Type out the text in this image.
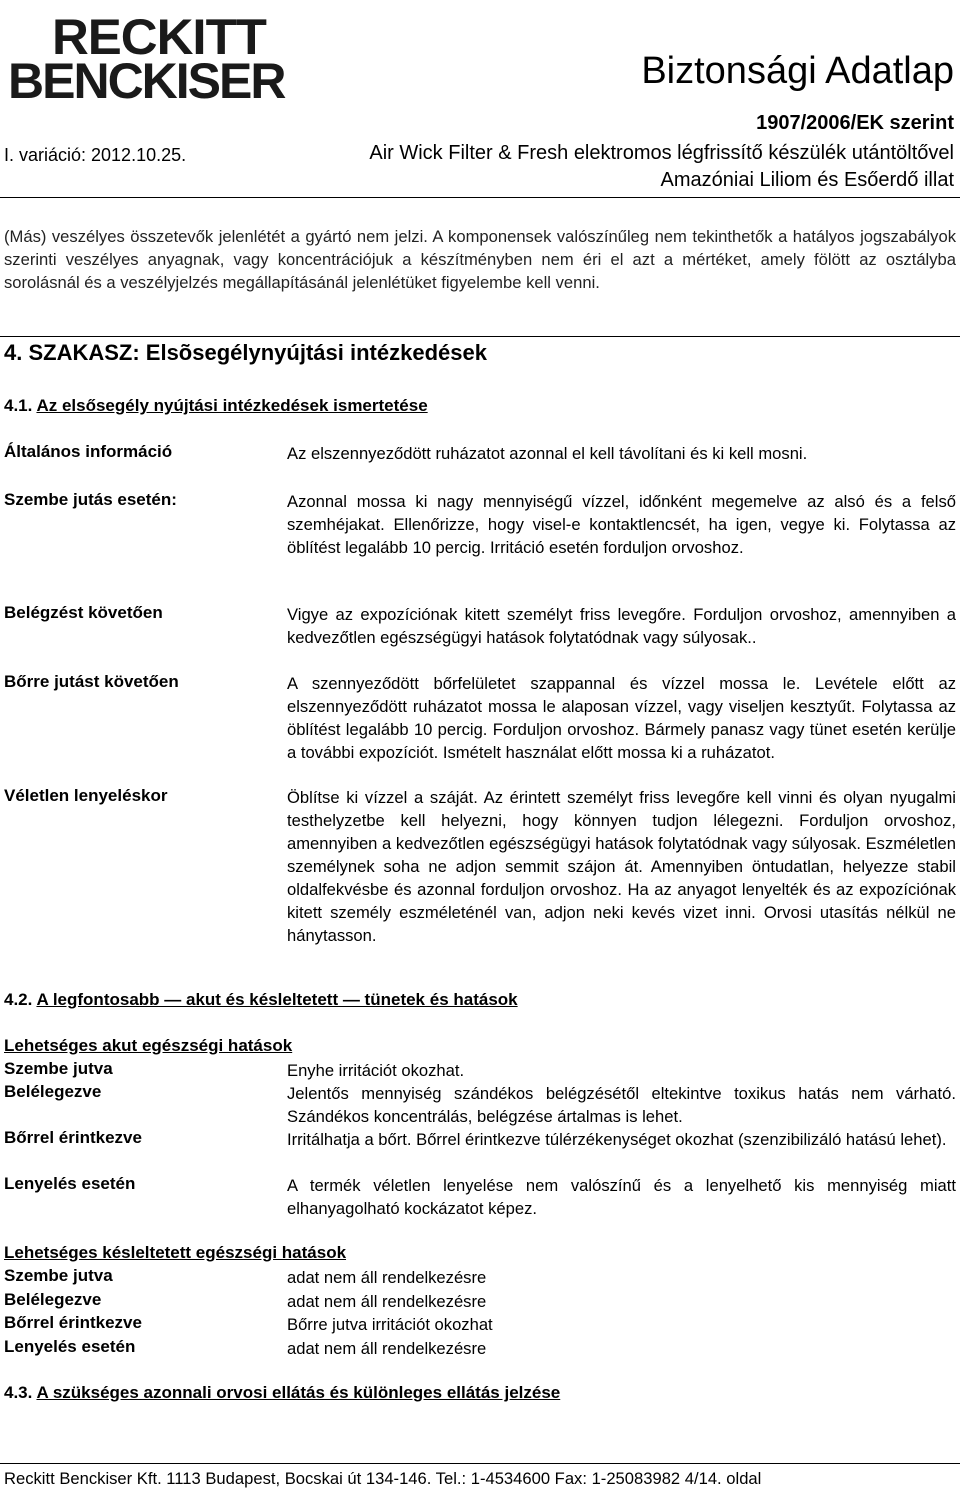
RECKITT
BENCKISER	Biztonsági Adatlap
1907/2006/EK szerint
I. variáció: 2012.10.25.	Air Wick Filter & Fresh elektromos légfrissítő készülék utántöltővel
Amazóniai Liliom és Esőerdő illat
(Más) veszélyes összetevők jelenlétét a gyártó nem jelzi. A komponensek valószínűleg nem tekinthetők a hatályos jogszabályok szerinti veszélyes anyagnak, vagy koncentrációjuk a készítményben nem éri el azt a mértéket, amely fölött az osztályba sorolásnál és a veszélyjelzés megállapításánál jelenlétüket figyelembe kell venni.
4. SZAKASZ: Elsõsegélynyújtási intézkedések
4.1. Az elsősegély nyújtási intézkedések ismertetése
Általános információ	Az elszennyeződött ruházatot azonnal el kell távolítani és ki kell mosni.
Szembe jutás esetén:	Azonnal mossa ki nagy mennyiségű vízzel, időnként megemelve az alsó és a felső szemhéjakat. Ellenőrizze, hogy visel-e kontaktlencsét, ha igen, vegye ki. Folytassa az öblítést legalább 10 percig. Irritáció esetén forduljon orvoshoz.
Belégzést követően	Vigye az expozíciónak kitett személyt friss levegőre. Forduljon orvoshoz, amennyiben a kedvezőtlen egészségügyi hatások folytatódnak vagy súlyosak..
Bőrre jutást követően	A szennyeződött bőrfelületet szappannal és vízzel mossa le. Levétele előtt az elszennyeződött ruházatot mossa le alaposan vízzel, vagy viseljen kesztyűt. Folytassa az öblítést legalább 10 percig. Forduljon orvoshoz. Bármely panasz vagy tünet esetén kerülje a további expozíciót. Ismételt használat előtt mossa ki a ruházatot.
Véletlen lenyeléskor	Öblítse ki vízzel a száját. Az érintett személyt friss levegőre kell vinni és olyan nyugalmi testhelyzetbe kell helyezni, hogy könnyen tudjon lélegezni. Forduljon orvoshoz, amennyiben a kedvezőtlen egészségügyi hatások folytatódnak vagy súlyosak. Eszméletlen személynek soha ne adjon semmit szájon át. Amennyiben öntudatlan, helyezze stabil oldalfekvésbe és azonnal forduljon orvoshoz. Ha az anyagot lenyelték és az expozíciónak kitett személy eszméleténél van, adjon neki kevés vizet inni. Orvosi utasítás nélkül ne hánytasson.
4.2. A legfontosabb — akut és késleltetett — tünetek és hatások
Lehetséges akut egészségi hatások
Szembe jutva	Enyhe irritációt okozhat.
Belélegezve	Jelentős mennyiség szándékos belégzésétől eltekintve toxikus hatás nem várható. Szándékos koncentrálás, belégzése ártalmas is lehet.
Bőrrel érintkezve	Irritálhatja a bőrt. Bőrrel érintkezve túlérzékenységet okozhat (szenzibilizáló hatású lehet).
Lenyelés esetén	A termék véletlen lenyelése nem valószínű és a lenyelhető kis mennyiség miatt elhanyagolható kockázatot képez.
Lehetséges késleltetett egészségi hatások
Szembe jutva	adat nem áll rendelkezésre
Belélegezve	adat nem áll rendelkezésre
Bőrrel érintkezve	Bőrre jutva irritációt okozhat
Lenyelés esetén	adat nem áll rendelkezésre
4.3. A szükséges azonnali orvosi ellátás és különleges ellátás jelzése
Reckitt Benckiser Kft. 1113 Budapest, Bocskai út 134-146. Tel.: 1-4534600 Fax: 1-25083982 4/14. oldal
